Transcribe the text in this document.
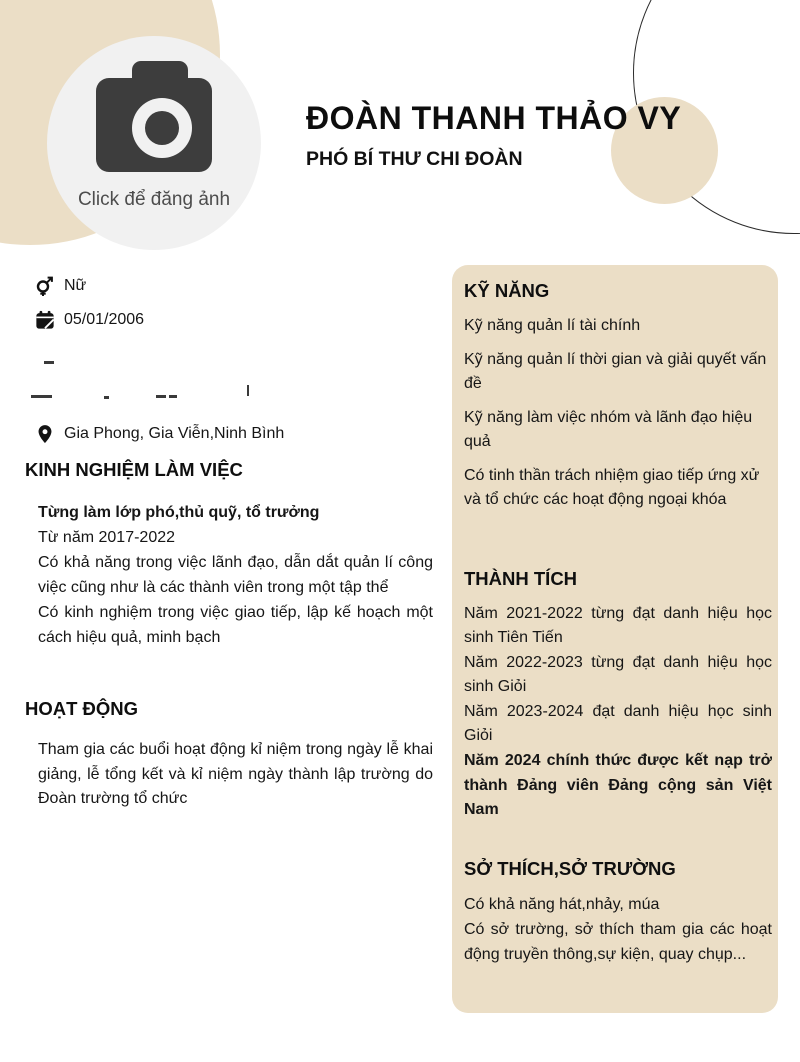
Click để đăng ảnh
ĐOÀN THANH THẢO VY
PHÓ BÍ THƯ CHI ĐOÀN
Nữ
05/01/2006
Gia Phong, Gia Viễn,Ninh Bình
KINH NGHIỆM LÀM VIỆC
Từng làm lớp phó,thủ quỹ, tổ trưởng
Từ năm 2017-2022
Có khả năng trong việc lãnh đạo, dẫn dắt quản lí công việc cũng như là các thành viên trong một tập thể
Có kinh nghiệm trong việc giao tiếp, lập kế hoạch một cách hiệu quả, minh bạch
HOẠT ĐỘNG
Tham gia các buổi hoạt động kỉ niệm trong ngày lễ khai giảng, lễ tổng kết và kỉ niệm ngày thành lập trường do Đoàn trường tổ chức
KỸ NĂNG
Kỹ năng quản lí tài chính
Kỹ năng quản lí thời gian và giải quyết vấn đề
Kỹ năng làm việc nhóm và lãnh đạo hiệu quả
Có tinh thần trách nhiệm giao tiếp ứng xử và tổ chức các hoạt động ngoại khóa
THÀNH TÍCH

Năm 2021-2022 từng đạt danh hiệu học sinh Tiên Tiến

Năm 2022-2023 từng đạt danh hiệu học sinh Giỏi

Năm 2023-2024 đạt danh hiệu học sinh Giỏi

Năm 2024 chính thức được kết nạp trở thành Đảng viên Đảng cộng sản Việt Nam

SỞ THÍCH,SỞ TRƯỜNG
Có khả năng hát,nhảy, múa

Có sở trường, sở thích tham gia các hoạt động truyền thông,sự kiện, quay chụp...
